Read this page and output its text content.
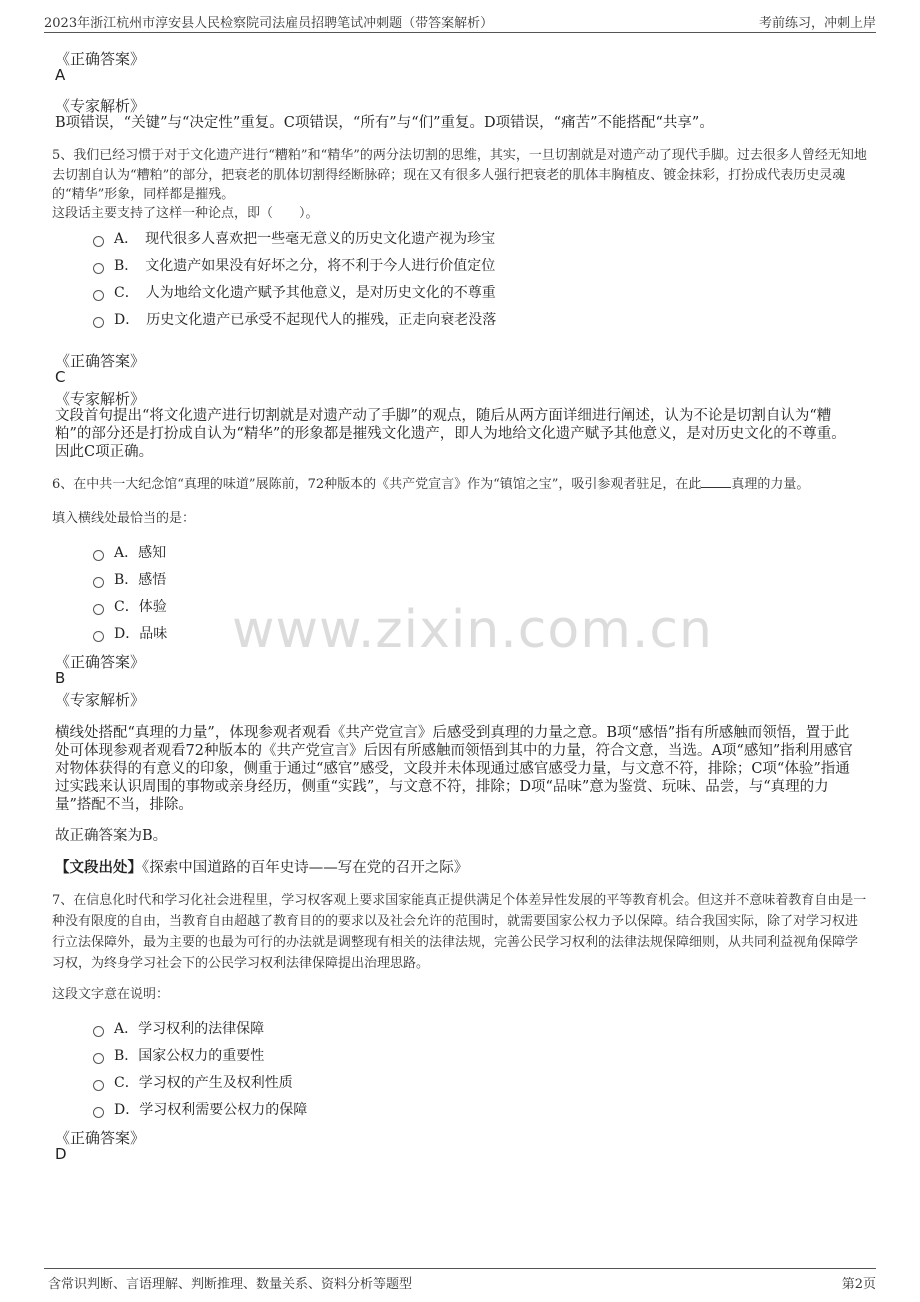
2023年浙江杭州市淳安县人民检察院司法雇员招聘笔试冲刺题（带答案解析）	考前练习，冲刺上岸
www.zixin.com.cn
《正确答案》
A
《专家解析》
B项错误，“关键”与“决定性”重复。C项错误，“所有”与“们”重复。D项错误，“痛苦”不能搭配“共享”。
5、我们已经习惯于对于文化遗产进行“糟粕”和“精华”的两分法切割的思维，其实，一旦切割就是对遗产动了现代手脚。过去很多人曾经无知地
去切割自认为“糟粕”的部分，把衰老的肌体切割得经断脉碎；现在又有很多人强行把衰老的肌体丰胸植皮、镀金抹彩，打扮成代表历史灵魂
的“精华”形象，同样都是摧残。
这段话主要支持了这样一种论点，即（　　）。
A．　现代很多人喜欢把一些毫无意义的历史文化遗产视为珍宝
B．　文化遗产如果没有好坏之分，将不利于今人进行价值定位
C．　人为地给文化遗产赋予其他意义，是对历史文化的不尊重
D．　历史文化遗产已承受不起现代人的摧残，正走向衰老没落
《正确答案》
C
《专家解析》
文段首句提出“将文化遗产进行切割就是对遗产动了手脚”的观点，随后从两方面详细进行阐述，认为不论是切割自认为“糟
粕”的部分还是打扮成自认为“精华”的形象都是摧残文化遗产，即人为地给文化遗产赋予其他意义，是对历史文化的不尊重。
因此C项正确。
6、在中共一大纪念馆“真理的味道”展陈前，72种版本的《共产党宣言》作为“镇馆之宝”，吸引参观者驻足，在此 真理的力量。
填入横线处最恰当的是：
A．感知
B．感悟
C．体验
D．品味
《正确答案》
B
《专家解析》
横线处搭配“真理的力量”，体现参观者观看《共产党宣言》后感受到真理的力量之意。B项“感悟”指有所感触而领悟，置于此
处可体现参观者观看72种版本的《共产党宣言》后因有所感触而领悟到其中的力量，符合文意，当选。A项“感知”指利用感官
对物体获得的有意义的印象，侧重于通过“感官”感受，文段并未体现通过感官感受力量，与文意不符，排除；C项“体验”指通
过实践来认识周围的事物或亲身经历，侧重“实践”，与文意不符，排除；D项“品味”意为鉴赏、玩味、品尝，与“真理的力
量”搭配不当，排除。
故正确答案为B。
【文段出处】《探索中国道路的百年史诗——写在党的召开之际》
7、在信息化时代和学习化社会进程里，学习权客观上要求国家能真正提供满足个体差异性发展的平等教育机会。但这并不意味着教育自由是一
种没有限度的自由，当教育自由超越了教育目的的要求以及社会允许的范围时，就需要国家公权力予以保障。结合我国实际，除了对学习权进
行立法保障外，最为主要的也最为可行的办法就是调整现有相关的法律法规，完善公民学习权利的法律法规保障细则，从共同利益视角保障学
习权，为终身学习社会下的公民学习权利法律保障提出治理思路。
这段文字意在说明：
A．学习权利的法律保障
B．国家公权力的重要性
C．学习权的产生及权利性质
D．学习权利需要公权力的保障
《正确答案》
D
含常识判断、言语理解、判断推理、数量关系、资料分析等题型	第2页
